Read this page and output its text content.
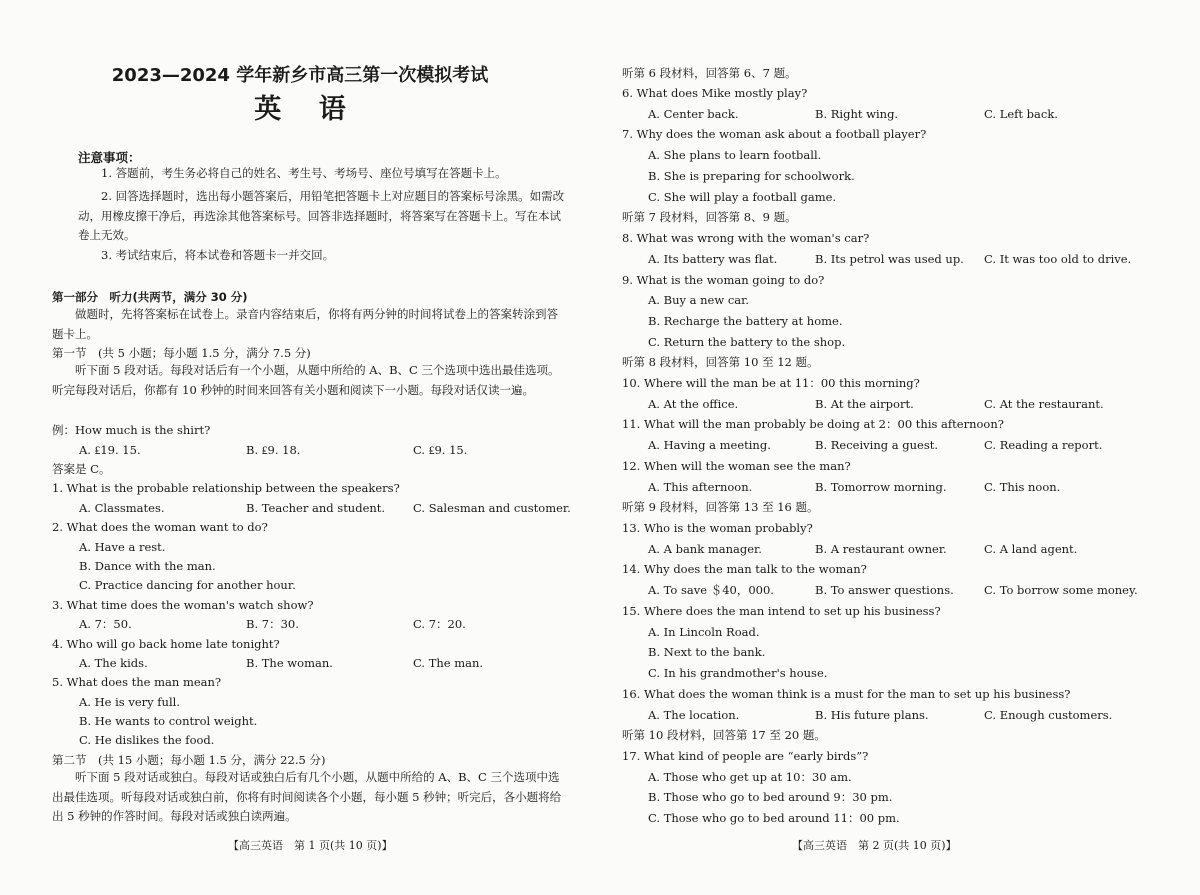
2023—2024 学年新乡市高三第一次模拟考试
英    语
注意事项：
1. 答题前，考生务必将自己的姓名、考生号、考场号、座位号填写在答题卡上。
2. 回答选择题时，选出每小题答案后，用铅笔把答题卡上对应题目的答案标号涂黑。如需改动，用橡皮擦干净后，再选涂其他答案标号。回答非选择题时，将答案写在答题卡上。写在本试卷上无效。
3. 考试结束后，将本试卷和答题卡一并交回。
第一部分　听力(共两节，满分 30 分)
做题时，先将答案标在试卷上。录音内容结束后，你将有两分钟的时间将试卷上的答案转涂到答题卡上。
第一节　(共 5 小题；每小题 1.5 分，满分 7.5 分)
听下面 5 段对话。每段对话后有一个小题，从题中所给的 A、B、C 三个选项中选出最佳选项。听完每段对话后，你都有 10 秒钟的时间来回答有关小题和阅读下一小题。每段对话仅读一遍。
例：How much is the shirt?
A. ₤19. 15.	B. ₤9. 18.	C. ₤9. 15.
答案是 C。
1. What is the probable relationship between the speakers?
A. Classmates.	B. Teacher and student. C. Salesman and customer.
2. What does the woman want to do?
A. Have a rest.
B. Dance with the man.
C. Practice dancing for another hour.
3. What time does the woman's watch show?
A. 7：50.	B. 7：30.	C. 7：20.
4. Who will go back home late tonight?
A. The kids.	B. The woman.	C. The man.
5. What does the man mean?
A. He is very full.
B. He wants to control weight.
C. He dislikes the food.
第二节　(共 15 小题；每小题 1.5 分，满分 22.5 分)
听下面 5 段对话或独白。每段对话或独白后有几个小题，从题中所给的 A、B、C 三个选项中选出最佳选项。听每段对话或独白前，你将有时间阅读各个小题，每小题 5 秒钟；听完后，各小题将给出 5 秒钟的作答时间。每段对话或独白读两遍。
【高三英语　第 1 页(共 10 页)】
听第 6 段材料，回答第 6、7 题。
6. What does Mike mostly play?
A. Center back.	B. Right wing.	C. Left back.
7. Why does the woman ask about a football player?
A. She plans to learn football.
B. She is preparing for schoolwork.
C. She will play a football game.
听第 7 段材料，回答第 8、9 题。
8. What was wrong with the woman's car?
A. Its battery was flat.	B. Its petrol was used up. C. It was too old to drive.
9. What is the woman going to do?
A. Buy a new car.
B. Recharge the battery at home.
C. Return the battery to the shop.
听第 8 段材料，回答第 10 至 12 题。
10. Where will the man be at 11：00 this morning?
A. At the office.	B. At the airport.	C. At the restaurant.
11. What will the man probably be doing at 2：00 this afternoon?
A. Having a meeting.	B. Receiving a guest.	C. Reading a report.
12. When will the woman see the man?
A. This afternoon.	B. Tomorrow morning.	C. This noon.
听第 9 段材料，回答第 13 至 16 题。
13. Who is the woman probably?
A. A bank manager.	B. A restaurant owner.	C. A land agent.
14. Why does the man talk to the woman?
A. To save ＄40，000.	B. To answer questions.	C. To borrow some money.
15. Where does the man intend to set up his business?
A. In Lincoln Road.
B. Next to the bank.
C. In his grandmother's house.
16. What does the woman think is a must for the man to set up his business?
A. The location.	B. His future plans.	C. Enough customers.
听第 10 段材料，回答第 17 至 20 题。
17. What kind of people are “early birds”?
A. Those who get up at 10：30 am.
B. Those who go to bed around 9：30 pm.
C. Those who go to bed around 11：00 pm.
【高三英语　第 2 页(共 10 页)】
